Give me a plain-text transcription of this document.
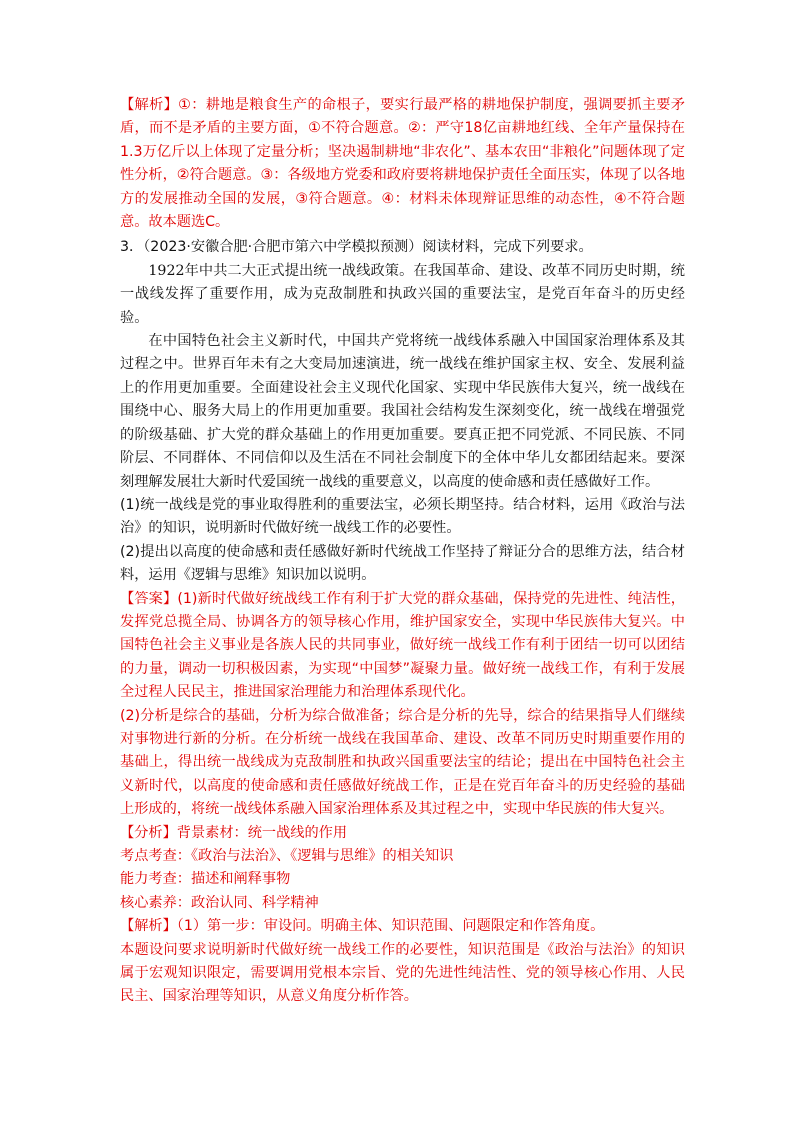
【解析】①：耕地是粮食生产的命根子，要实行最严格的耕地保护制度，强调要抓主要矛盾，而不是矛盾的主要方面，①不符合题意。②：严守18亿亩耕地红线、全年产量保持在1.3万亿斤以上体现了定量分析；坚决遏制耕地“非农化”、基本农田“非粮化”问题体现了定性分析，②符合题意。③：各级地方党委和政府要将耕地保护责任全面压实，体现了以各地方的发展推动全国的发展，③符合题意。④：材料未体现辩证思维的动态性，④不符合题意。故本题选C。

3．（2023·安徽合肥·合肥市第六中学模拟预测）阅读材料，完成下列要求。

1922年中共二大正式提出统一战线政策。在我国革命、建设、改革不同历史时期，统一战线发挥了重要作用，成为克敌制胜和执政兴国的重要法宝，是党百年奋斗的历史经验。

在中国特色社会主义新时代，中国共产党将统一战线体系融入中国国家治理体系及其过程之中。世界百年未有之大变局加速演进，统一战线在维护国家主权、安全、发展利益上的作用更加重要。全面建设社会主义现代化国家、实现中华民族伟大复兴，统一战线在围绕中心、服务大局上的作用更加重要。我国社会结构发生深刻变化，统一战线在增强党的阶级基础、扩大党的群众基础上的作用更加重要。要真正把不同党派、不同民族、不同阶层、不同群体、不同信仰以及生活在不同社会制度下的全体中华儿女都团结起来。要深刻理解发展壮大新时代爱国统一战线的重要意义，以高度的使命感和责任感做好工作。

(1)统一战线是党的事业取得胜利的重要法宝，必须长期坚持。结合材料，运用《政治与法治》的知识，说明新时代做好统一战线工作的必要性。

(2)提出以高度的使命感和责任感做好新时代统战工作坚持了辩证分合的思维方法，结合材料，运用《逻辑与思维》知识加以说明。

【答案】(1)新时代做好统战线工作有利于扩大党的群众基础，保持党的先进性、纯洁性，发挥党总揽全局、协调各方的领导核心作用，维护国家安全，实现中华民族伟大复兴。中国特色社会主义事业是各族人民的共同事业，做好统一战线工作有利于团结一切可以团结的力量，调动一切积极因素，为实现“中国梦”凝聚力量。做好统一战线工作，有利于发展全过程人民民主，推进国家治理能力和治理体系现代化。

(2)分析是综合的基础，分析为综合做准备；综合是分析的先导，综合的结果指导人们继续对事物进行新的分析。在分析统一战线在我国革命、建设、改革不同历史时期重要作用的基础上，得出统一战线成为克敌制胜和执政兴国重要法宝的结论；提出在中国特色社会主义新时代，以高度的使命感和责任感做好统战工作，正是在党百年奋斗的历史经验的基础上形成的，将统一战线体系融入国家治理体系及其过程之中，实现中华民族的伟大复兴。

【分析】背景素材：统一战线的作用

考点考查：《政治与法治》、《逻辑与思维》的相关知识

能力考查：描述和阐释事物

核心素养：政治认同、科学精神

【解析】（1）第一步：审设问。明确主体、知识范围、问题限定和作答角度。

本题设问要求说明新时代做好统一战线工作的必要性，知识范围是《政治与法治》的知识属于宏观知识限定，需要调用党根本宗旨、党的先进性纯洁性、党的领导核心作用、人民民主、国家治理等知识，从意义角度分析作答。
